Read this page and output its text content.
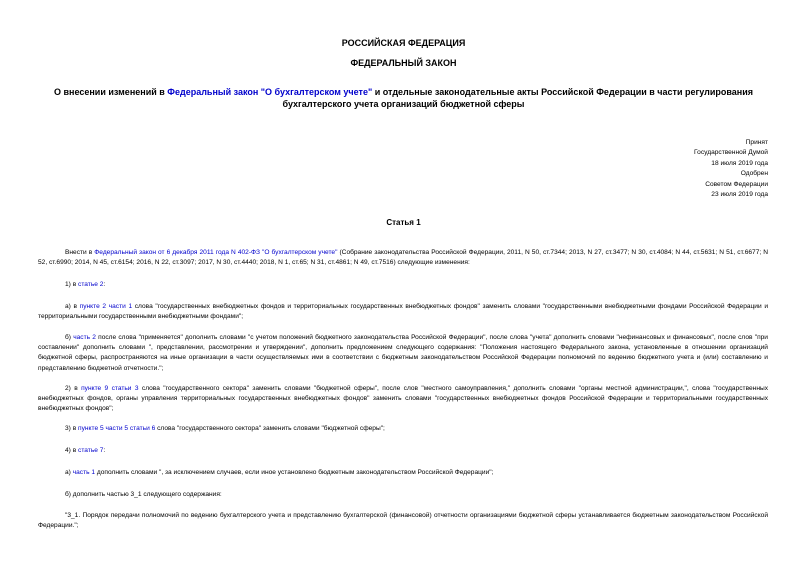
РОССИЙСКАЯ ФЕДЕРАЦИЯ
ФЕДЕРАЛЬНЫЙ ЗАКОН
О внесении изменений в Федеральный закон "О бухгалтерском учете" и отдельные законодательные акты Российской Федерации в части регулирования бухгалтерского учета организаций бюджетной сферы
Принят
Государственной Думой
18 июля 2019 года
Одобрен
Советом Федерации
23 июля 2019 года
Статья 1
Внести в Федеральный закон от 6 декабря 2011 года N 402-ФЗ "О бухгалтерском учете" (Собрание законодательства Российской Федерации, 2011, N 50, ст.7344; 2013, N 27, ст.3477; N 30, ст.4084; N 44, ст.5631; N 51, ст.6677; N 52, ст.6990; 2014, N 45, ст.6154; 2016, N 22, ст.3097; 2017, N 30, ст.4440; 2018, N 1, ст.65; N 31, ст.4861; N 49, ст.7516) следующие изменения:
1) в статье 2:
а) в пункте 2 части 1 слова "государственных внебюджетных фондов и территориальных государственных внебюджетных фондов" заменить словами "государственными внебюджетными фондами Российской Федерации и территориальными государственными внебюджетными фондами";
б) часть 2 после слова "применяется" дополнить словами "с учетом положений бюджетного законодательства Российской Федерации", после слова "учета" дополнить словами "нефинансовых и финансовых", после слов "при составлении" дополнить словами ", представлении, рассмотрении и утверждении", дополнить предложением следующего содержания: "Положения настоящего Федерального закона, установленные в отношении организаций бюджетной сферы, распространяются на иные организации в части осуществляемых ими в соответствии с бюджетным законодательством Российской Федерации полномочий по ведению бюджетного учета и (или) составлению и представлению бюджетной отчетности.";
2) в пункте 9 статьи 3 слова "государственного сектора" заменить словами "бюджетной сферы", после слов "местного самоуправления," дополнить словами "органы местной администрации,", слова "государственных внебюджетных фондов, органы управления территориальных государственных внебюджетных фондов" заменить словами "государственных внебюджетных фондов Российской Федерации и территориальными государственных внебюджетных фондов";
3) в пункте 5 части 5 статьи 6 слова "государственного сектора" заменить словами "бюджетной сферы";
4) в статье 7:
а) часть 1 дополнить словами ", за исключением случаев, если иное установлено бюджетным законодательством Российской Федерации";
б) дополнить частью 3_1 следующего содержания:
"3_1. Порядок передачи полномочий по ведению бухгалтерского учета и представлению бухгалтерской (финансовой) отчетности организациями бюджетной сферы устанавливается бюджетным законодательством Российской Федерации.";
